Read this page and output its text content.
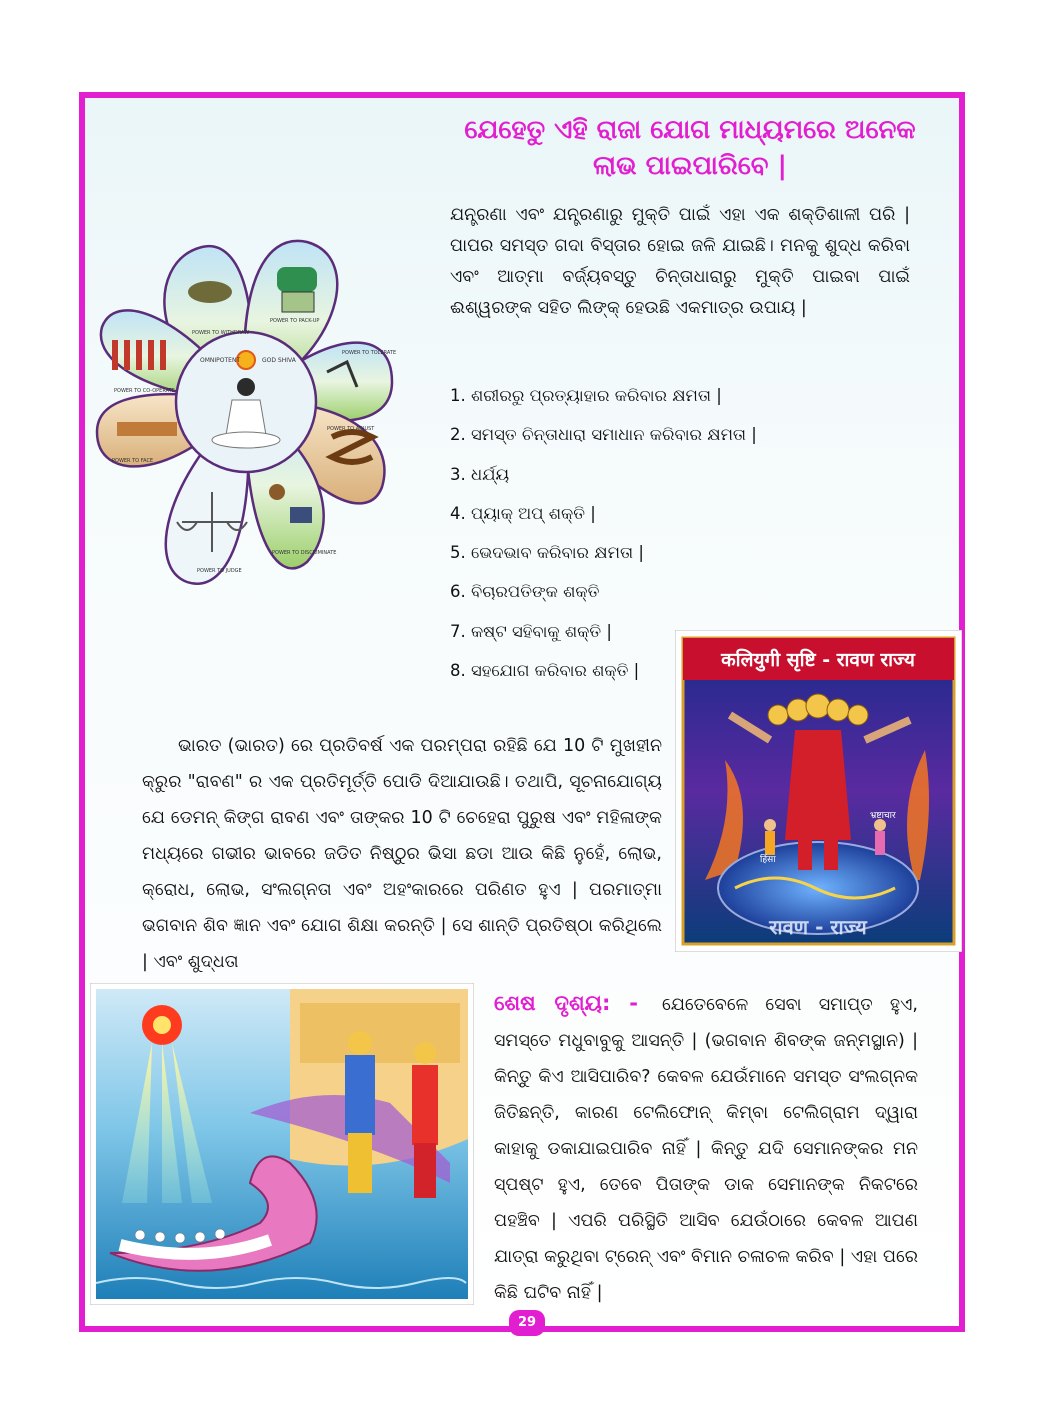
ଯେହେତୁ ଏହି ରାଜା ଯୋଗ ମାଧ୍ୟମରେ ଅନେକ ଲାଭ ପାଇପାରିବେ |
OMNIPOTENT	GOD SHIVA
POWER TO WITHDRAW
POWER TO PACK-UP
POWER TO TOLERATE
POWER TO ADJUST
POWER TO DISCRIMINATE
POWER TO JUDGE
POWER TO FACE
POWER TO CO-OPERATE
ଯନ୍ତ୍ରଣା ଏବଂ ଯନ୍ତ୍ରଣାରୁ ମୁକ୍ତି ପାଇଁ ଏହା ଏକ ଶକ୍ତିଶାଳୀ ପରି | ପାପର ସମସ୍ତ ଗଦା ବିସ୍ତାର ହୋଇ ଜଳି ଯାଇଛି। ମନକୁ ଶୁଦ୍ଧ କରିବା ଏବଂ ଆତ୍ମା ବର୍ଜ୍ୟବସ୍ତୁ ଚିନ୍ତାଧାରାରୁ ମୁକ୍ତି ପାଇବା ପାଇଁ ଈଶ୍ୱରଙ୍କ ସହିତ ଲିଙ୍କ୍ ହେଉଛି ଏକମାତ୍ର ଉପାୟ |
1. ଶରୀରରୁ ପ୍ରତ୍ୟାହାର କରିବାର କ୍ଷମତା |
2. ସମସ୍ତ ଚିନ୍ତାଧାରା ସମାଧାନ କରିବାର କ୍ଷମତା |
3. ଧର୍ଯ୍ୟ
4. ପ୍ୟାକ୍ ଅପ୍ ଶକ୍ତି |
5. ଭେଦଭାବ କରିବାର କ୍ଷମତା |
6. ବିଚାରପତିଙ୍କ ଶକ୍ତି
7. କଷ୍ଟ ସହିବାକୁ ଶକ୍ତି |
8. ସହଯୋଗ କରିବାର ଶକ୍ତି |	कलियुगी सृष्टि - रावण राज्य
हिंसा
भ्रष्टाचार
रावण - राज्य
ଭାରତ (ଭାରତ) ରେ ପ୍ରତିବର୍ଷ ଏକ ପରମ୍ପରା ରହିଛି ଯେ 10 ଟି ମୁଖହୀନ କ୍ରୁର "ରାବଣ" ର ଏକ ପ୍ରତିମୂର୍ତ୍ତି ପୋଡି ଦିଆଯାଉଛି। ତଥାପି, ସୂଚନାଯୋଗ୍ୟ ଯେ ଡେମନ୍ କିଙ୍ଗ ରାବଣ ଏବଂ ତାଙ୍କର 10 ଟି ଚେହେରା ପୁରୁଷ ଏବଂ ମହିଳାଙ୍କ ମଧ୍ୟରେ ଗଭୀର ଭାବରେ ଜଡିତ ନିଷ୍ଠୁର ଭିସା ଛଡା ଆଉ କିଛି ନୁହେଁ, ଲୋଭ, କ୍ରୋଧ, ଲୋଭ, ସଂଲଗ୍ନତା ଏବଂ ଅହଂକାରରେ ପରିଣତ ହୁଏ | ପରମାତ୍ମା ଭଗବାନ ଶିବ ଜ୍ଞାନ ଏବଂ ଯୋଗ ଶିକ୍ଷା କରନ୍ତି | ସେ ଶାନ୍ତି ପ୍ରତିଷ୍ଠା କରିଥିଲେ | ଏବଂ ଶୁଦ୍ଧତା
ଶେଷ ଦୃଶ୍ୟ: - ଯେତେବେଳେ ସେବା ସମାପ୍ତ ହୁଏ, ସମସ୍ତେ ମଧୁବାବୁକୁ ଆସନ୍ତି | (ଭଗବାନ ଶିବଙ୍କ ଜନ୍ମସ୍ଥାନ) | କିନ୍ତୁ କିଏ ଆସିପାରିବ? କେବଳ ଯେଉଁମାନେ ସମସ୍ତ ସଂଲଗ୍ନକ ଜିତିଛନ୍ତି, କାରଣ ଟେଲିଫୋନ୍ କିମ୍ବା ଟେଲିଗ୍ରାମ ଦ୍ୱାରା କାହାକୁ ଡକାଯାଇପାରିବ ନାହିଁ | କିନ୍ତୁ ଯଦି ସେମାନଙ୍କର ମନ ସ୍ପଷ୍ଟ ହୁଏ, ତେବେ ପିତାଙ୍କ ଡାକ ସେମାନଙ୍କ ନିକଟରେ ପହଞ୍ଚିବ | ଏପରି ପରିସ୍ଥିତି ଆସିବ ଯେଉଁଠାରେ କେବଳ ଆପଣ ଯାତ୍ରା କରୁଥିବା ଟ୍ରେନ୍ ଏବଂ ବିମାନ ଚଳାଚଳ କରିବ | ଏହା ପରେ କିଛି ଘଟିବ ନାହିଁ |
29
